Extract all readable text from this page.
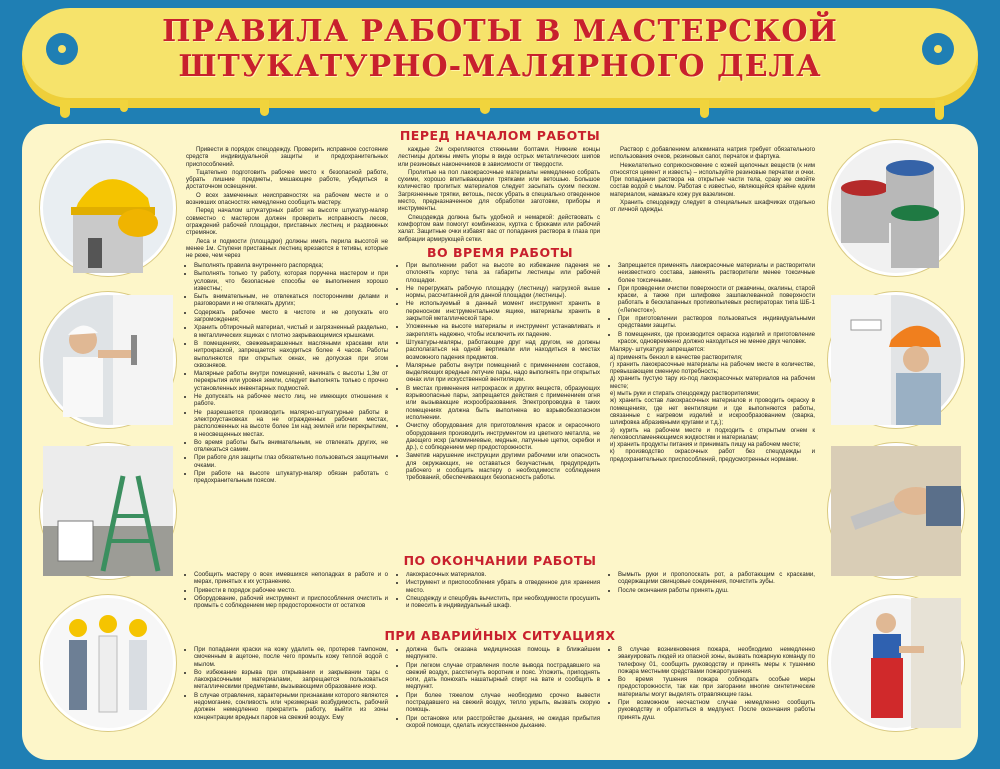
ПРАВИЛА РАБОТЫ В МАСТЕРСКОЙ
ШТУКАТУРНО-МАЛЯРНОГО ДЕЛА
ПЕРЕД НАЧАЛОМ РАБОТЫ

Привести в порядок спецодежду. Проверить исправное состояние средств индивидуальной защиты и предохранительных приспособлений.

Тщательно подготовить рабочее место к безопасной работе, убрать лишние предметы, мешающие работе, убедиться в достаточном освещении.

О всех замеченных неисправностях на рабочем месте и о возникших опасностях немедленно сообщить мастеру.

Перед началом штукатурных работ на высоте штукатур-маляр совместно с мастером должен проверить исправность лесов, ограждений рабочей площадки, приставных лестниц и раздвижных стремянок.

Леса и подмости (площадки) должны иметь перила высотой не менее 1м. Ступени приставных лестниц врезаются в тетивы, которые не реже, чем через

каждые 2м скрепляются стяжными болтами. Нижние концы лестницы должны иметь упоры в виде острых металлических шипов или резиновых наконечников в зависимости от твердости.

Пролитые на пол лакокрасочные материалы немедленно собрать сухими, хорошо впитывающими тряпками или ветошью. Большое количество пролитых материалов следует засыпать сухим песком. Загрязненные тряпки, ветошь, песок убрать в специально отведенное место, предназначенное для обработки заготовки, приборы и инструменты.

Спецодежда должна быть удобной и немаркой: действовать с комфортом вам помогут комбинезон, куртка с брюками или рабочий халат. Защитные очки избавят вас от попадания раствора в глаза при вибрации армирующей сетки.

Раствор с добавлением алюмината натрия требует обязательного использования очков, резиновых сапог, перчаток и фартука.

Нежелательно соприкосновение с кожей щелочных веществ (к ним относятся цемент и известь) – используйте резиновые перчатки и очки. При попадании раствора на открытые части тела, сразу же смойте состав водой с мылом. Работая с известью, являющейся крайне едким материалом, намажьте кожу рук вазелином.

Хранить спецодежду следует в специальных шкафчиках отдельно от личной одежды.

ВО ВРЕМЯ РАБОТЫ
• Выполнять правила внутреннего распорядка;
• Выполнять только ту работу, которая поручена мастером и при условии, что безопасные способы ее выполнения хорошо известны;
• Быть внимательным, не отвлекаться посторонними делами и разговорами и не отвлекать других;
• Содержать рабочее место в чистоте и не допускать его загромождения;
• Хранить обтирочный материал, чистый и загрязненный раздельно, в металлических ящиках с плотно закрывающимися крышками.
• В помещениях, свежевыкрашенных масляными красками или нитрокраской, запрещается находиться более 4 часов. Работы выполняются при открытых окнах, не допуская при этом сквозняков.
• Малярные работы внутри помещений, начинать с высоты 1,3м от перекрытия или уровня земли, следует выполнять только с прочно установленных инвентарных подмостей.
• Не допускать на рабочее место лиц, не имеющих отношения к работе.
• Не разрешается производить малярно-штукатурные работы в электроустановках на не огражденных рабочих местах, расположенных на высоте более 1м над землей или перекрытием, в неосвещенных местах.
• Во время работы быть внимательным, не отвлекать других, не отвлекаться самим.
• При работе для защиты глаз обязательно пользоваться защитными очками.
• При работе на высоте штукатур-маляр обязан работать с предохранительным поясом.
• При выполнении работ на высоте во избежание падения не отклонять корпус тела за габариты лестницы или рабочей площадки.
• Не перегружать рабочую площадку (лестницу) нагрузкой выше нормы, рассчитанной для данной площадки (лестницы).
• Не используемый в данный момент инструмент хранить в переносном инструментальном ящике, материалы хранить в закрытой металлической таре.
• Уложенные на высоте материалы и инструмент устанавливать и закреплять надежно, чтобы исключить их падение.
• Штукатуры-маляры, работающие друг над другом, не должны располагаться на одной вертикали или находиться в местах возможного падения предметов.
• Малярные работы внутри помещений с применением составов, выделяющих вредные летучие пары, надо выполнять при открытых окнах или при искусственной вентиляции.
• В местах применения нитрокрасок и других веществ, образующих взрывоопасные пары, запрещается действия с применением огня или вызывающие искрообразования. Электропроводка в таких помещениях должна быть выполнена во взрывобезопасном исполнении.
• Очистку оборудования для приготовления красок и окрасочного оборудования производить инструментом из цветного металла, не дающего искр (алюминиевые, медные, латунные щетки, скребки и др.), с соблюдением мер предосторожности.
• Заметив нарушение инструкции другими рабочими или опасность для окружающих, не оставаться безучастным, предупредить рабочего и сообщить мастеру о необходимости соблюдения требований, обеспечивающих безопасность работы.
• Запрещается применять лакокрасочные материалы и растворители неизвестного состава, заменять растворители менее токсичные более токсичными.
• При проведении очистки поверхности от ржавчины, окалины, старой краски, а также при шлифовке зашпаклеванной поверхности работать в бесклапанных противопылевых респираторах типа ШБ-1 («Лепесток»).
• При приготовлении растворов пользоваться индивидуальными средствами защиты.
• В помещениях, где производится окраска изделий и приготовление красок, одновременно должно находиться не менее двух человек.
Маляру- штукатуру запрещается:
а) применять бензол в качестве растворителя;
г) хранить лакокрасочные материалы на рабочем месте в количестве, превышающем сменную потребность;
д) хранить пустую тару из-под лакокрасочных материалов на рабочем месте;
е) мыть руки и стирать спецодежду растворителями;
ж) хранить состав лакокрасочных материалов и проводить окраску в помещениях, где нет вентиляции и где выполняются работы, связанные с нагревом изделий и искрообразованием (сварка, шлифовка абразивными кругами и т.д.);
з) курить на рабочем месте и подходить с открытым огнем к легковоспламеняющимся жидкостям и материалам;
и) хранить продукты питания и принимать пищу на рабочем месте;
к) производство окрасочных работ без спецодежды и предохранительных приспособлений, предусмотренных нормами.
ПО ОКОНЧАНИИ РАБОТЫ
• Сообщить мастеру о всех имевшихся неполадках в работе и о мерах, принятых к их устранению.
• Привести в порядок рабочее место.
• Оборудование, рабочий инструмент и приспособления очистить и промыть с соблюдением мер предосторожности от остатков
• лакокрасочных материалов.
• Инструмент и приспособления убрать в отведенное для хранения место.
• Спецодежду и спецобувь вычистить, при необходимости просушить и повесить в индивидуальный шкаф.
• Вымыть руки и прополоскать рот, а работающим с красками, содержащими свинцовые соединения, почистить зубы.
• После окончания работы принять душ.
ПРИ АВАРИЙНЫХ СИТУАЦИЯХ
• При попадании краски на кожу удалить ее, протерев тампоном, смоченным в ацетоне, после чего промыть кожу теплой водой с мылом.
• Во избежание взрыва при открывании и закрывании тары с лакокрасочными материалами, запрещается пользоваться металлическими предметами, вызывающими образование искр.
• В случае отравления, характерными признаками которого являются недомогание, сонливость или чрезмерная возбудимость, рабочий должен немедленно прекратить работу, выйти из зоны концентрации вредных паров на свежий воздух. Ему
• должна быть оказана медицинская помощь в ближайшем медпункте.
• При легком случае отравления после вывода пострадавшего на свежий воздух, расстегнуть воротник и пояс. Уложить, приподнять ноги, дать понюхать нашатырный спирт на вате и сообщить в медпункт.
• При более тяжелом случае необходимо срочно вывести пострадавшего на свежий воздух, тепло укрыть, вызвать скорую помощь.
• При остановке или расстройстве дыхания, не ожидая прибытия скорой помощи, сделать искусственное дыхание.
• В случае возникновения пожара, необходимо немедленно эвакуировать людей из опасной зоны, вызвать пожарную команду по телефону 01, сообщить руководству и принять меры к тушению пожара местными средствами пожаротушения.
• Во время тушения пожара соблюдать особые меры предосторожности, так как при загорании многие синтетические материалы могут выделять отравляющие газы.
• При возможном несчастном случае немедленно сообщить руководству и обратиться в медпункт. После окончания работы принять душ.
